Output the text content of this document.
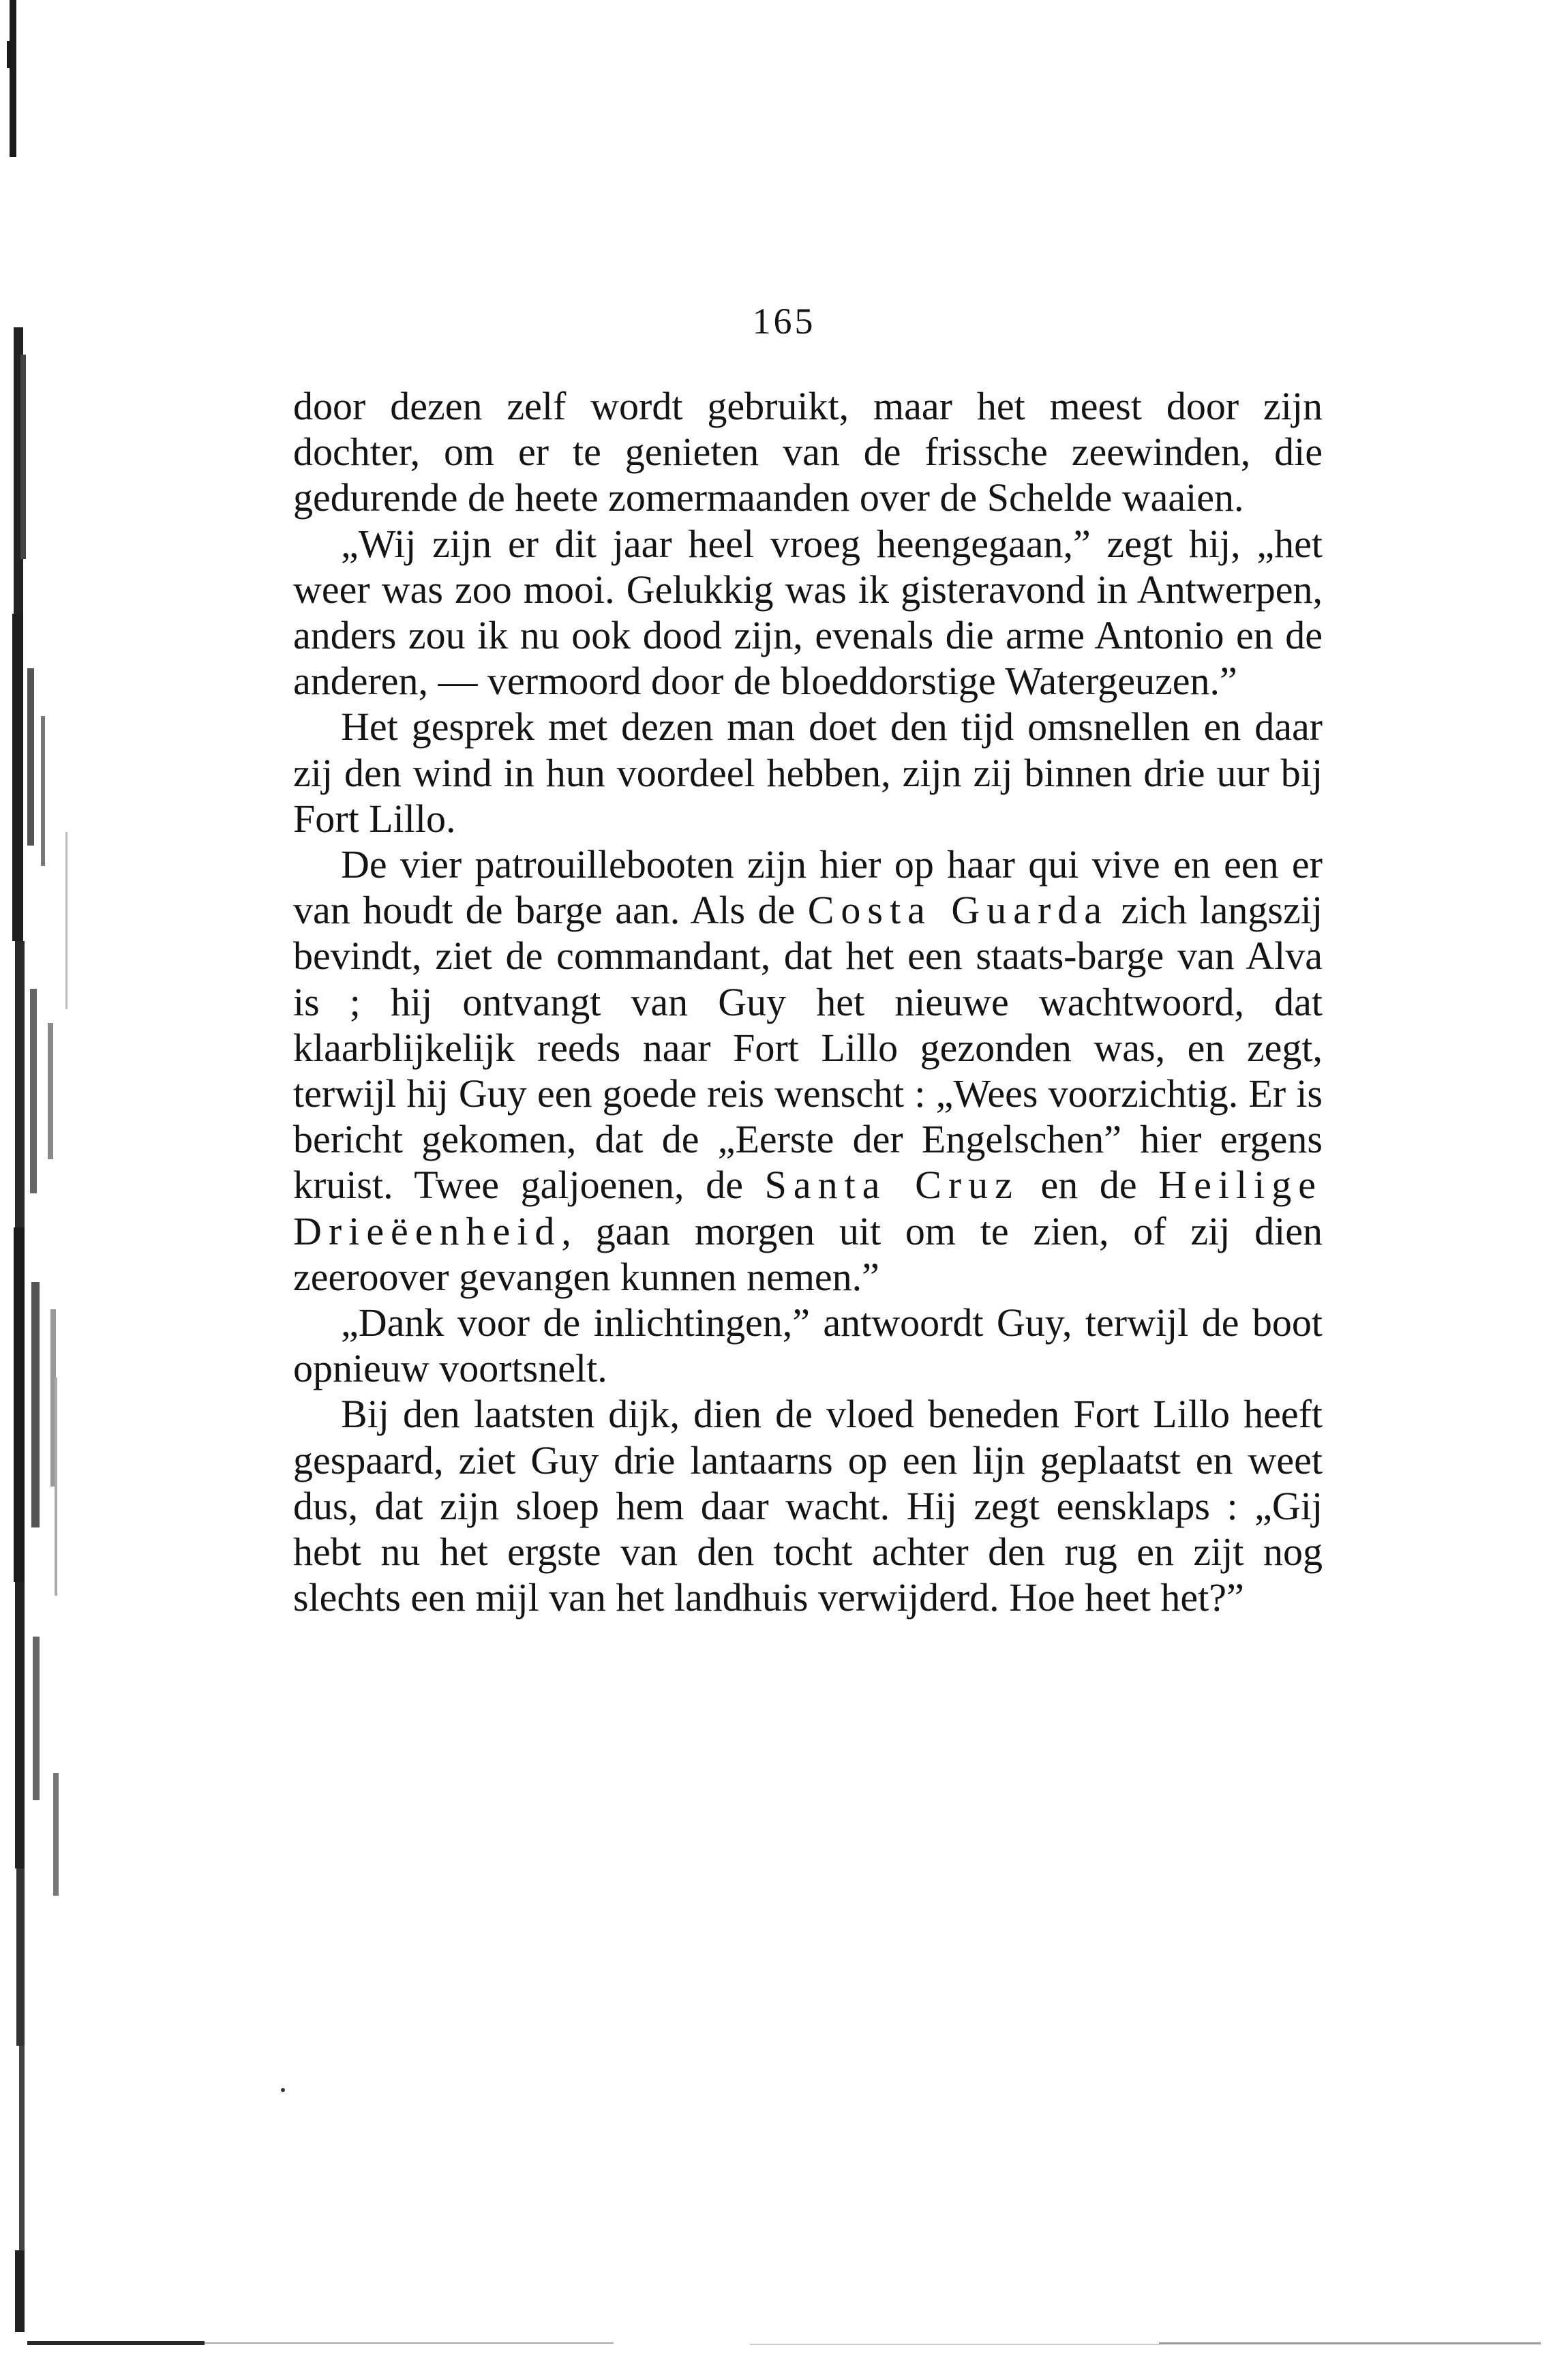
165

door dezen zelf wordt gebruikt, maar het meest door zijn dochter, om er te genieten van de frissche zeewinden, die gedurende de heete zomermaanden over de Schelde waaien.

„Wij zijn er dit jaar heel vroeg heengegaan,” zegt hij, „het weer was zoo mooi. Gelukkig was ik gisteravond in Antwerpen, anders zou ik nu ook dood zijn, evenals die arme Antonio en de anderen, — vermoord door de bloeddorstige Watergeuzen.”

Het gesprek met dezen man doet den tijd omsnellen en daar zij den wind in hun voordeel hebben, zijn zij binnen drie uur bij Fort Lillo.

De vier patrouillebooten zijn hier op haar qui vive en een er van houdt de barge aan. Als de Costa Guarda zich langszij bevindt, ziet de commandant, dat het een staats-barge van Alva is ; hij ontvangt van Guy het nieuwe wachtwoord, dat klaarblijkelijk reeds naar Fort Lillo gezonden was, en zegt, terwijl hij Guy een goede reis wenscht : „Wees voorzichtig. Er is bericht gekomen, dat de „Eerste der Engelschen” hier ergens kruist. Twee galjoenen, de Santa Cruz en de Heilige Drieëenheid, gaan morgen uit om te zien, of zij dien zeeroover gevangen kunnen nemen.”

„Dank voor de inlichtingen,” antwoordt Guy, terwijl de boot opnieuw voortsnelt.

Bij den laatsten dijk, dien de vloed beneden Fort Lillo heeft gespaard, ziet Guy drie lantaarns op een lijn geplaatst en weet dus, dat zijn sloep hem daar wacht. Hij zegt eensklaps : „Gij hebt nu het ergste van den tocht achter den rug en zijt nog slechts een mijl van het landhuis verwijderd. Hoe heet het?”
